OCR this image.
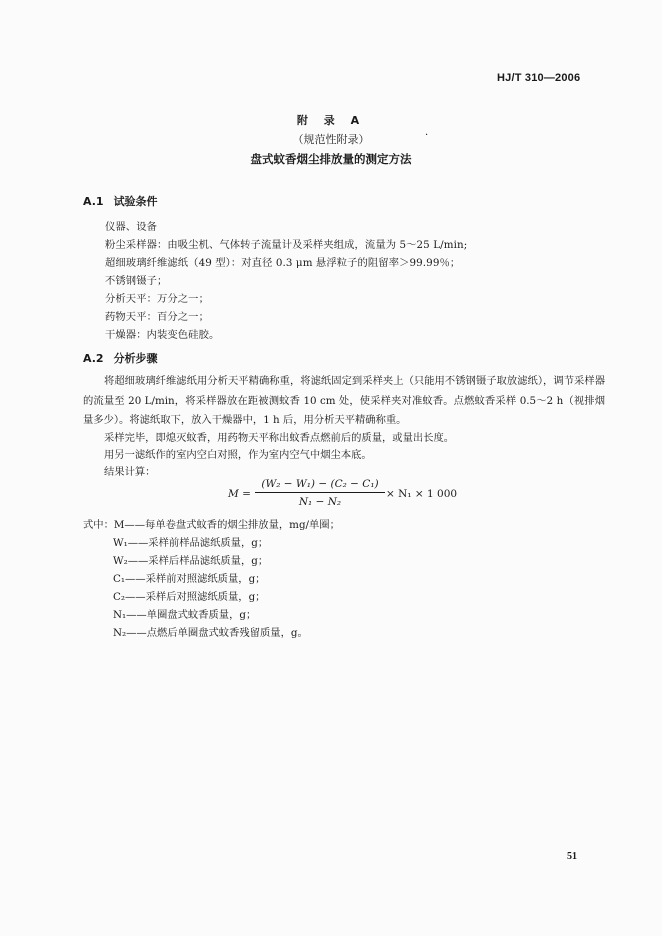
HJ/T 310—2006
附 录 A
（规范性附录）	·
盘式蚊香烟尘排放量的测定方法
A.1 试验条件
仪器、设备
粉尘采样器：由吸尘机、气体转子流量计及采样夹组成，流量为 5～25 L/min;
超细玻璃纤维滤纸（49 型）：对直径 0.3 μm 悬浮粒子的阻留率＞99.99％；
不锈钢镊子；
分析天平：万分之一；
药物天平：百分之一；
干燥器：内装变色硅胶。
A.2 分析步骤
将超细玻璃纤维滤纸用分析天平精确称重，将滤纸固定到采样夹上（只能用不锈钢镊子取放滤纸），调节采样器的流量至 20 L/min，将采样器放在距被测蚊香 10 cm 处，使采样夹对准蚊香。点燃蚊香采样 0.5～2 h（视排烟量多少）。将滤纸取下，放入干燥器中，1 h 后，用分析天平精确称重。
采样完毕，即熄灭蚊香，用药物天平称出蚊香点燃前后的质量，或量出长度。
用另一滤纸作的室内空白对照，作为室内空气中烟尘本底。
结果计算：
$M = \frac{\text{(W₂ − W₁) − (C₂ − C₁)}}{\text{N₁ − N₂}} \times N_1 \times 1$ 000
式中：M——每单卷盘式蚊香的烟尘排放量，mg/单圈；
W₁——采样前样品滤纸质量，g；
W₂——采样后样品滤纸质量，g；
C₁——采样前对照滤纸质量，g；
C₂——采样后对照滤纸质量，g；
N₁——单圈盘式蚊香质量，g；
N₂——点燃后单圈盘式蚊香残留质量，g。
51
